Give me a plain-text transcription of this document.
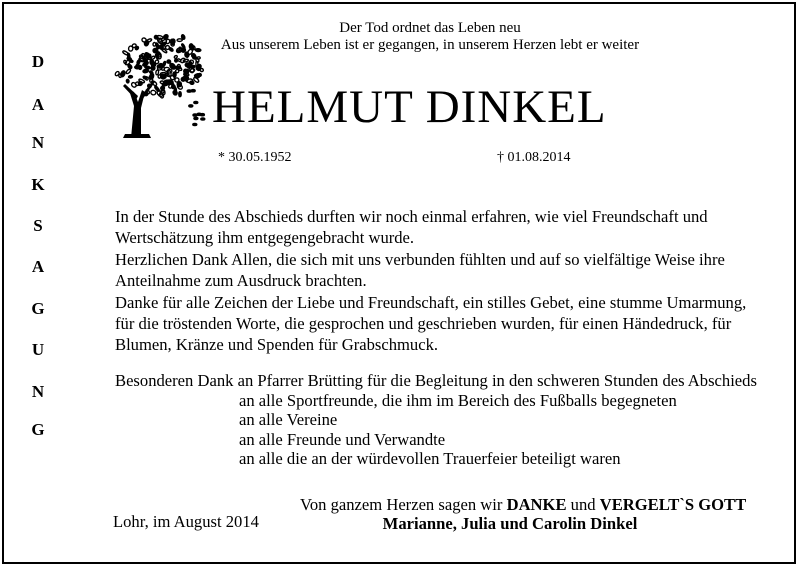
D
A
N
K
S
A
G
U
N
G
Der Tod ordnet das Leben neu
Aus unserem Leben ist er gegangen, in unserem Herzen lebt er weiter
HELMUT DINKEL
* 30.05.1952	† 01.08.2014

In der Stunde des Abschieds durften wir noch einmal erfahren, wie viel Freundschaft und Wertschätzung ihm entgegengebracht wurde.

Herzlichen Dank Allen, die sich mit uns verbunden fühlten und auf so vielfältige Weise ihre Anteilnahme zum Ausdruck brachten.

Danke für alle Zeichen der Liebe und Freundschaft, ein stilles Gebet, eine stumme Umarmung, für die tröstenden Worte, die gesprochen und geschrieben wurden, für einen Händedruck, für Blumen, Kränze und Spenden für Grabschmuck.

Besonderen Dank an Pfarrer Brütting für die Begleitung in den schweren Stunden des Abschieds
an alle Sportfreunde, die ihm im Bereich des Fußballs begegneten
an alle Vereine
an alle Freunde und Verwandte
an alle die an der würdevollen Trauerfeier beteiligt waren
Von ganzem Herzen sagen wir DANKE und VERGELT`S GOTT
Marianne, Julia und Carolin Dinkel
Lohr, im August 2014
